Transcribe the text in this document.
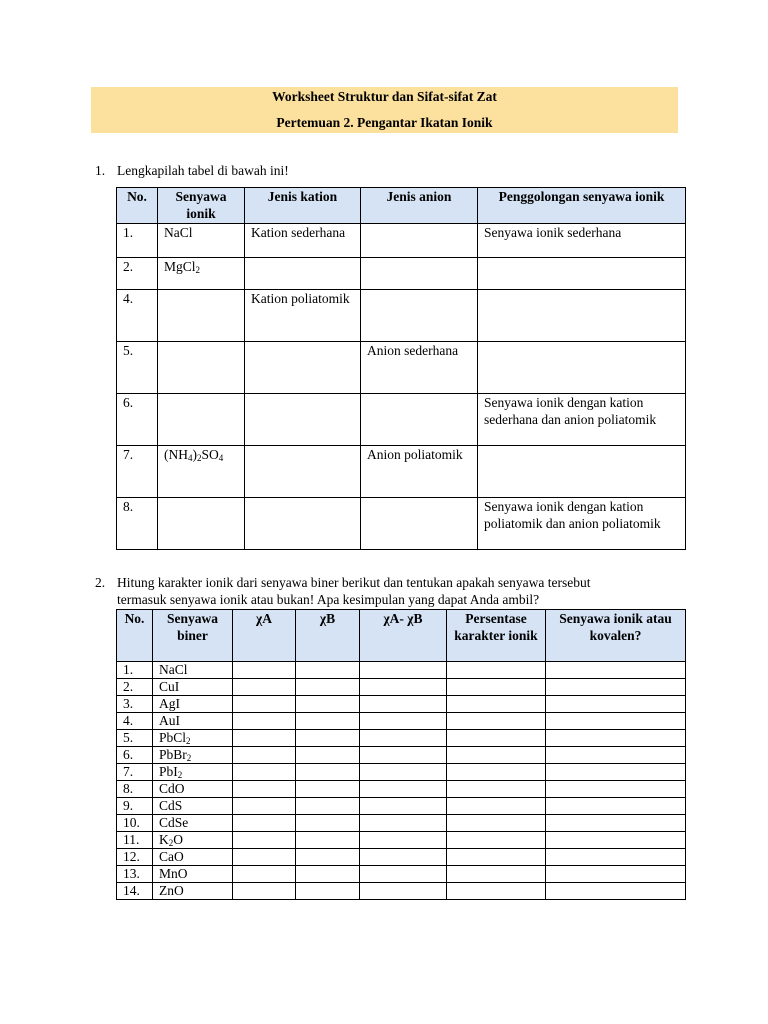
Worksheet Struktur dan Sifat-sifat Zat
Pertemuan 2. Pengantar Ikatan Ionik
1. Lengkapilah tabel di bawah ini!
No.	Senyawa ionik	Jenis kation	Jenis anion	Penggolongan senyawa ionik
1.	NaCl	Kation sederhana		Senyawa ionik sederhana
2.	MgCl$_2$			
4.		Kation poliatomik		
5.			Anion sederhana	
6.				Senyawa ionik dengan kation sederhana dan anion poliatomik
7.	$(NH_4)_2SO_4$		Anion poliatomik	
8.				Senyawa ionik dengan kation poliatomik dan anion poliatomik
2. Hitung karakter ionik dari senyawa biner berikut dan tentukan apakah senyawa tersebut
termasuk senyawa ionik atau bukan! Apa kesimpulan yang dapat Anda ambil?
No.	Senyawa biner	χA	χB	χA- χB	Persentase karakter ionik	Senyawa ionik atau kovalen?
1.	NaCl					
2.	CuI					
3.	AgI					
4.	AuI					
5.	PbCl$_2$					
6.	PbBr$_2$					
7.	PbI$_2$					
8.	CdO					
9.	CdS					
10.	CdSe					
11.	$K_2O$					
12.	CaO					
13.	MnO					
14.	ZnO					
